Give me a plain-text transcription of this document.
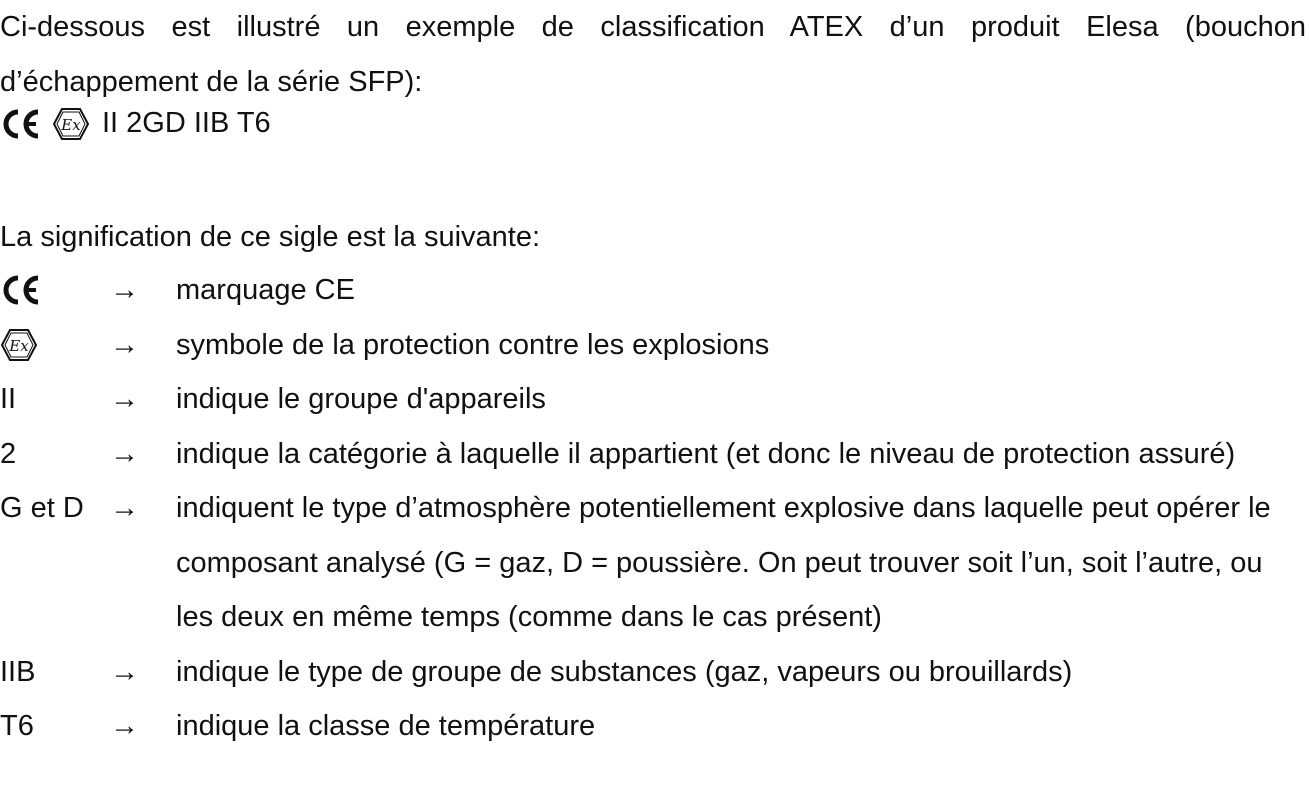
Ci-dessous est illustré un exemple de classification ATEX d’un produit Elesa (bouchon d’échappement de la série SFP):

Ex II 2GD IIB T6

La signification de ce sigle est la suivante:

→	marquage CE
Ex	→	symbole de la protection contre les explosions
II	→	indique le groupe d'appareils
2	→	indique la catégorie à laquelle il appartient (et donc le niveau de protection assuré)
G et D →	indiquent le type d’atmosphère potentiellement explosive dans laquelle peut opérer le composant analysé (G = gaz, D = poussière. On peut trouver soit l’un, soit l’autre, ou les deux en même temps (comme dans le cas présent)
IIB	→	indique le type de groupe de substances (gaz, vapeurs ou brouillards)
T6	→	indique la classe de température
